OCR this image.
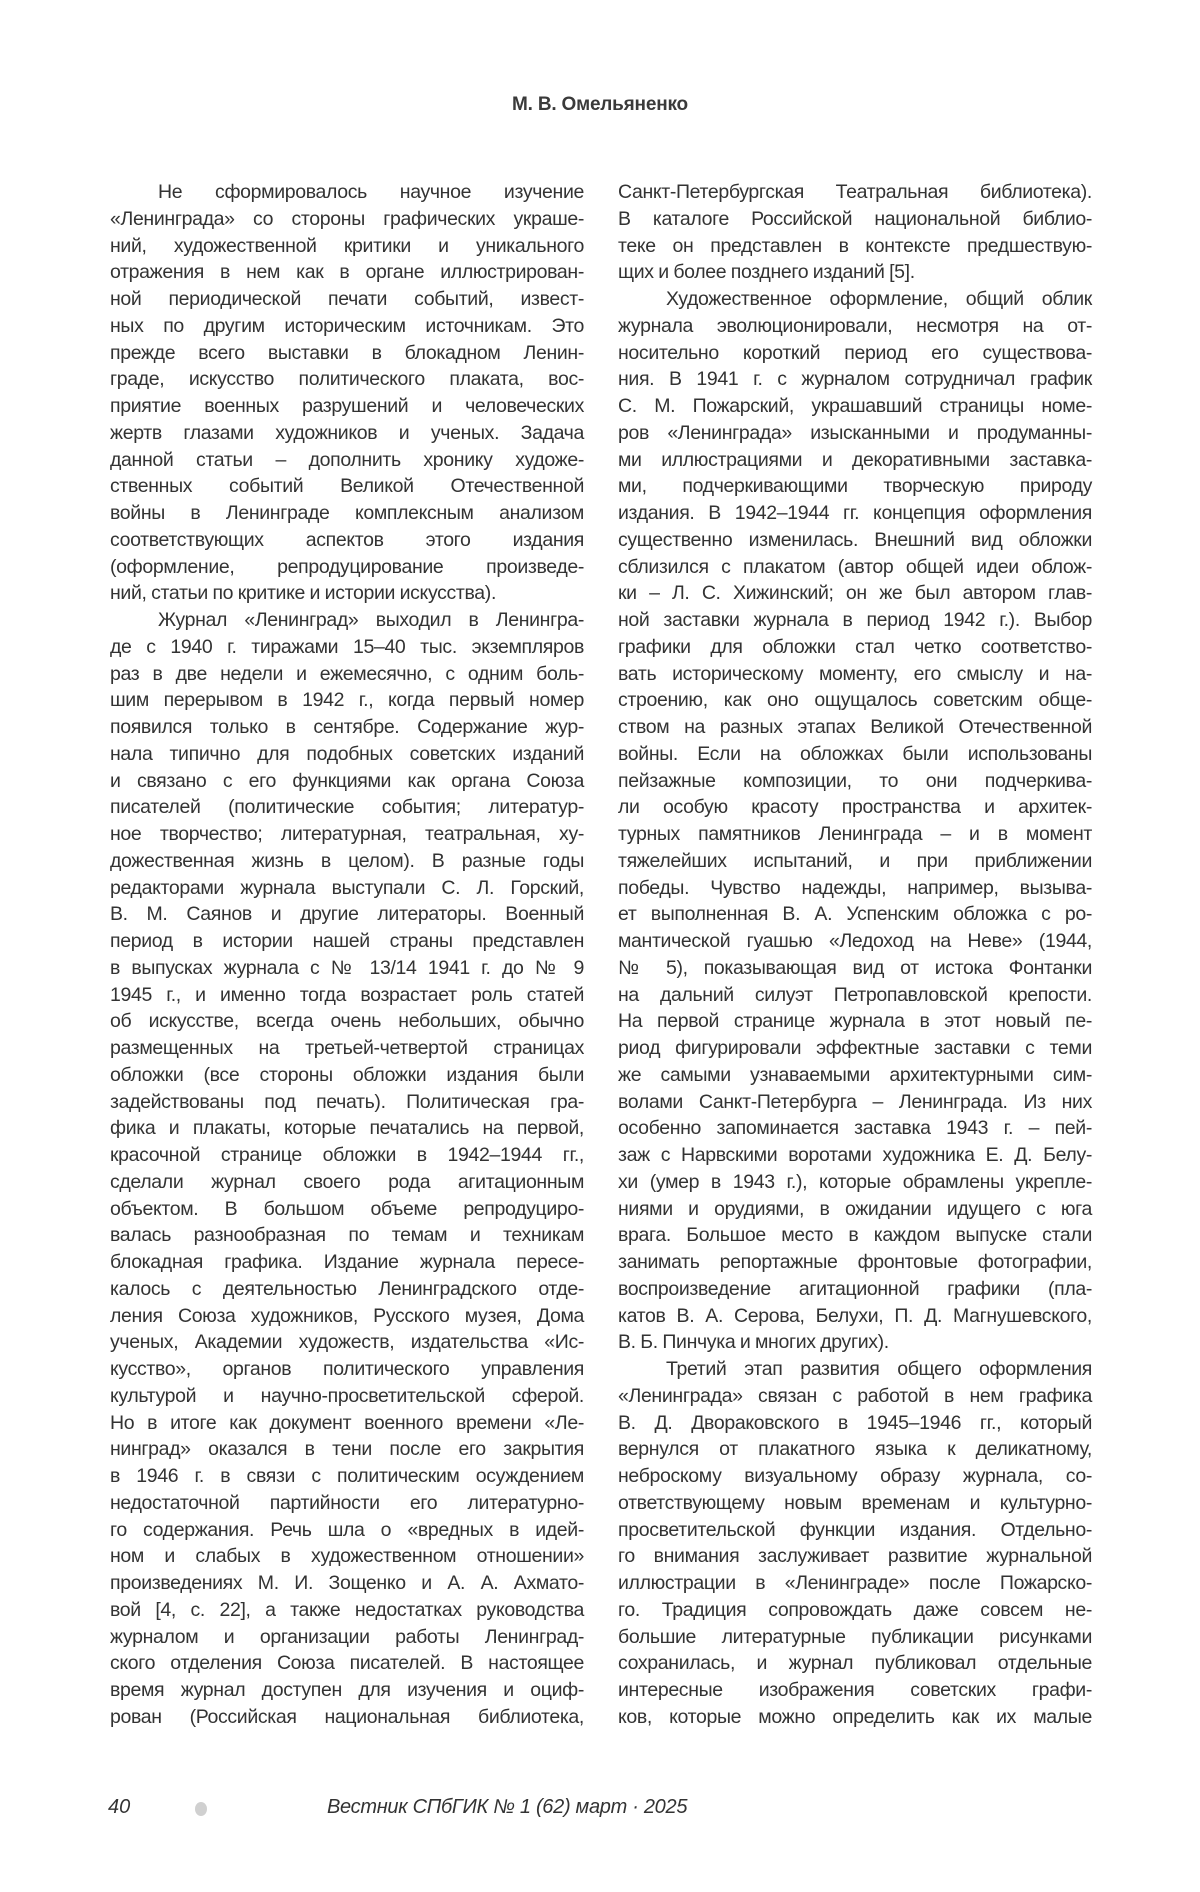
М. В. Омельяненко
Не сформировалось научное изучение
«Ленинграда» со стороны графических украше-
ний, художественной критики и уникального
отражения в нем как в органе иллюстрирован-
ной периодической печати событий, извест-
ных по другим историческим источникам. Это
прежде всего выставки в блокадном Ленин-
граде, искусство политического плаката, вос-
приятие военных разрушений и человеческих
жертв глазами художников и ученых. Задача
данной статьи – дополнить хронику художе-
ственных событий Великой Отечественной
войны в Ленинграде комплексным анализом
соответствующих аспектов этого издания
(оформление, репродуцирование произведе-
ний, статьи по критике и истории искусства).
Журнал «Ленинград» выходил в Ленингра-
де с 1940 г. тиражами 15–40 тыс. экземпляров
раз в две недели и ежемесячно, с одним боль-
шим перерывом в 1942 г., когда первый номер
появился только в сентябре. Содержание жур-
нала типично для подобных советских изданий
и связано с его функциями как органа Союза
писателей (политические события; литератур-
ное творчество; литературная, театральная, ху-
дожественная жизнь в целом). В разные годы
редакторами журнала выступали С. Л. Горский,
В. М. Саянов и другие литераторы. Военный
период в истории нашей страны представлен
в выпусках журнала с № 13/14 1941 г. до № 9
1945 г., и именно тогда возрастает роль статей
об искусстве, всегда очень небольших, обычно
размещенных на третьей-четвертой страницах
обложки (все стороны обложки издания были
задействованы под печать). Политическая гра-
фика и плакаты, которые печатались на первой,
красочной странице обложки в 1942–1944 гг.,
сделали журнал своего рода агитационным
объектом. В большом объеме репродуциро-
валась разнообразная по темам и техникам
блокадная графика. Издание журнала пересе-
калось с деятельностью Ленинградского отде-
ления Союза художников, Русского музея, Дома
ученых, Академии художеств, издательства «Ис-
кусство», органов политического управления
культурой и научно-просветительской сферой.
Но в итоге как документ военного времени «Ле-
нинград» оказался в тени после его закрытия
в 1946 г. в связи с политическим осуждением
недостаточной партийности его литературно-
го содержания. Речь шла о «вредных в идей-
ном и слабых в художественном отношении»
произведениях М. И. Зощенко и А. А. Ахмато-
вой [4, с. 22], а также недостатках руководства
журналом и организации работы Ленинград-
ского отделения Союза писателей. В настоящее
время журнал доступен для изучения и оциф-
рован (Российская национальная библиотека,
Санкт-Петербургская Театральная библиотека).
В каталоге Российской национальной библио-
теке он представлен в контексте предшествую-
щих и более позднего изданий [5].
Художественное оформление, общий облик
журнала эволюционировали, несмотря на от-
носительно короткий период его существова-
ния. В 1941 г. с журналом сотрудничал график
С. М. Пожарский, украшавший страницы номе-
ров «Ленинграда» изысканными и продуманны-
ми иллюстрациями и декоративными заставка-
ми, подчеркивающими творческую природу
издания. В 1942–1944 гг. концепция оформления
существенно изменилась. Внешний вид обложки
сблизился с плакатом (автор общей идеи облож-
ки – Л. С. Хижинский; он же был автором глав-
ной заставки журнала в период 1942 г.). Выбор
графики для обложки стал четко соответство-
вать историческому моменту, его смыслу и на-
строению, как оно ощущалось советским обще-
ством на разных этапах Великой Отечественной
войны. Если на обложках были использованы
пейзажные композиции, то они подчеркива-
ли особую красоту пространства и архитек-
турных памятников Ленинграда – и в момент
тяжелейших испытаний, и при приближении
победы. Чувство надежды, например, вызыва-
ет выполненная В. А. Успенским обложка с ро-
мантической гуашью «Ледоход на Неве» (1944,
№ 5), показывающая вид от истока Фонтанки
на дальний силуэт Петропавловской крепости.
На первой странице журнала в этот новый пе-
риод фигурировали эффектные заставки с теми
же самыми узнаваемыми архитектурными сим-
волами Санкт-Петербурга – Ленинграда. Из них
особенно запоминается заставка 1943 г. – пей-
заж с Нарвскими воротами художника Е. Д. Белу-
хи (умер в 1943 г.), которые обрамлены укрепле-
ниями и орудиями, в ожидании идущего с юга
врага. Большое место в каждом выпуске стали
занимать репортажные фронтовые фотографии,
воспроизведение агитационной графики (пла-
катов В. А. Серова, Белухи, П. Д. Магнушевского,
В. Б. Пинчука и многих других).
Третий этап развития общего оформления
«Ленинграда» связан с работой в нем графика
В. Д. Дворaковского в 1945–1946 гг., который
вернулся от плакатного языка к деликатному,
неброскому визуальному образу журнала, со-
ответствующему новым временам и культурно-
просветительской функции издания. Отдельно-
го внимания заслуживает развитие журнальной
иллюстрации в «Ленинграде» после Пожарско-
го. Традиция сопровождать даже совсем не-
большие литературные публикации рисунками
сохранилась, и журнал публиковал отдельные
интересные изображения советских графи-
ков, которые можно определить как их малые
40	Вестник СПбГИК № 1 (62) март · 2025
